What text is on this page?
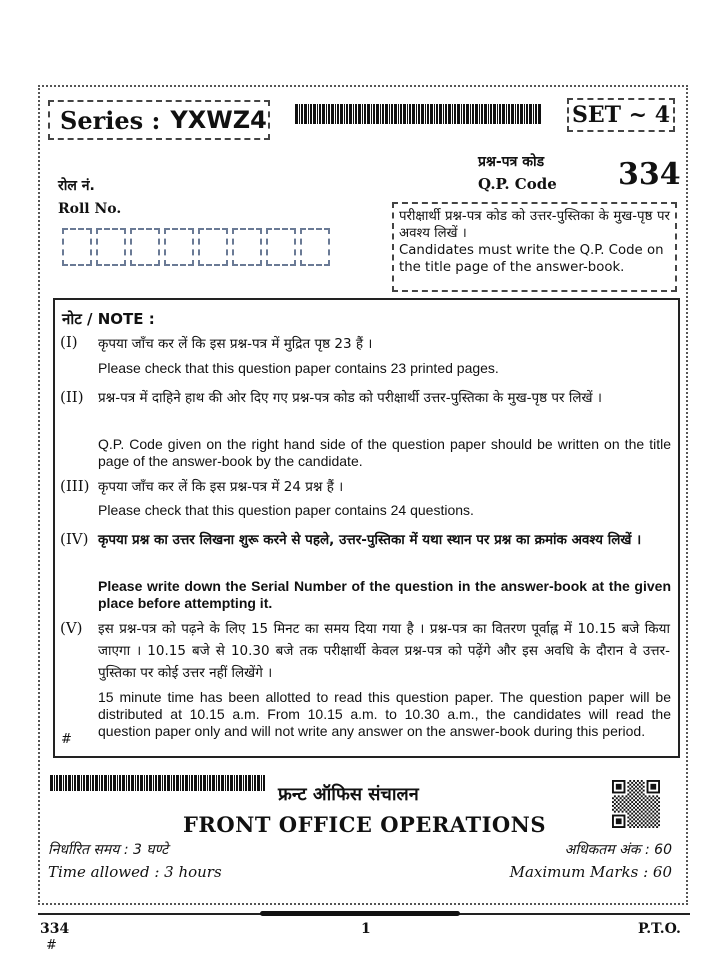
Series : YXWZ4	SET ~ 4
प्रश्न-पत्र कोड
Q.P. Code 334
रोल नं.
Roll No.	परीक्षार्थी प्रश्न-पत्र कोड को उत्तर-पुस्तिका के मुख-पृष्ठ पर अवश्य लिखें ।
Candidates must write the Q.P. Code on the title page of the answer-book.
नोट / NOTE :
(I) कृपया जाँच कर लें कि इस प्रश्न-पत्र में मुद्रित पृष्ठ 23 हैं ।
Please check that this question paper contains 23 printed pages.
(II) प्रश्न-पत्र में दाहिने हाथ की ओर दिए गए प्रश्न-पत्र कोड को परीक्षार्थी उत्तर-पुस्तिका के मुख-पृष्ठ पर लिखें ।
Q.P. Code given on the right hand side of the question paper should be written on the title page of the answer-book by the candidate.
(III) कृपया जाँच कर लें कि इस प्रश्न-पत्र में 24 प्रश्न हैं ।
Please check that this question paper contains 24 questions.
(IV) कृपया प्रश्न का उत्तर लिखना शुरू करने से पहले, उत्तर-पुस्तिका में यथा स्थान पर प्रश्न का क्रमांक अवश्य लिखें ।
Please write down the Serial Number of the question in the answer-book at the given place before attempting it.
(V) इस प्रश्न-पत्र को पढ़ने के लिए 15 मिनट का समय दिया गया है । प्रश्न-पत्र का वितरण पूर्वाह्न में 10.15 बजे किया जाएगा । 10.15 बजे से 10.30 बजे तक परीक्षार्थी केवल प्रश्न-पत्र को पढ़ेंगे और इस अवधि के दौरान वे उत्तर-पुस्तिका पर कोई उत्तर नहीं लिखेंगे ।
15 minute time has been allotted to read this question paper. The question paper will be distributed at 10.15 a.m. From 10.15 a.m. to 10.30 a.m., the candidates will read the question paper only and will not write any answer on the answer-book during this period.
#
फ्रन्ट ऑफिस संचालन
FRONT OFFICE OPERATIONS
निर्धारित समय : 3 घण्टे
Time allowed : 3 hours
अधिकतम अंक : 60
Maximum Marks : 60
334
#
1	P.T.O.
